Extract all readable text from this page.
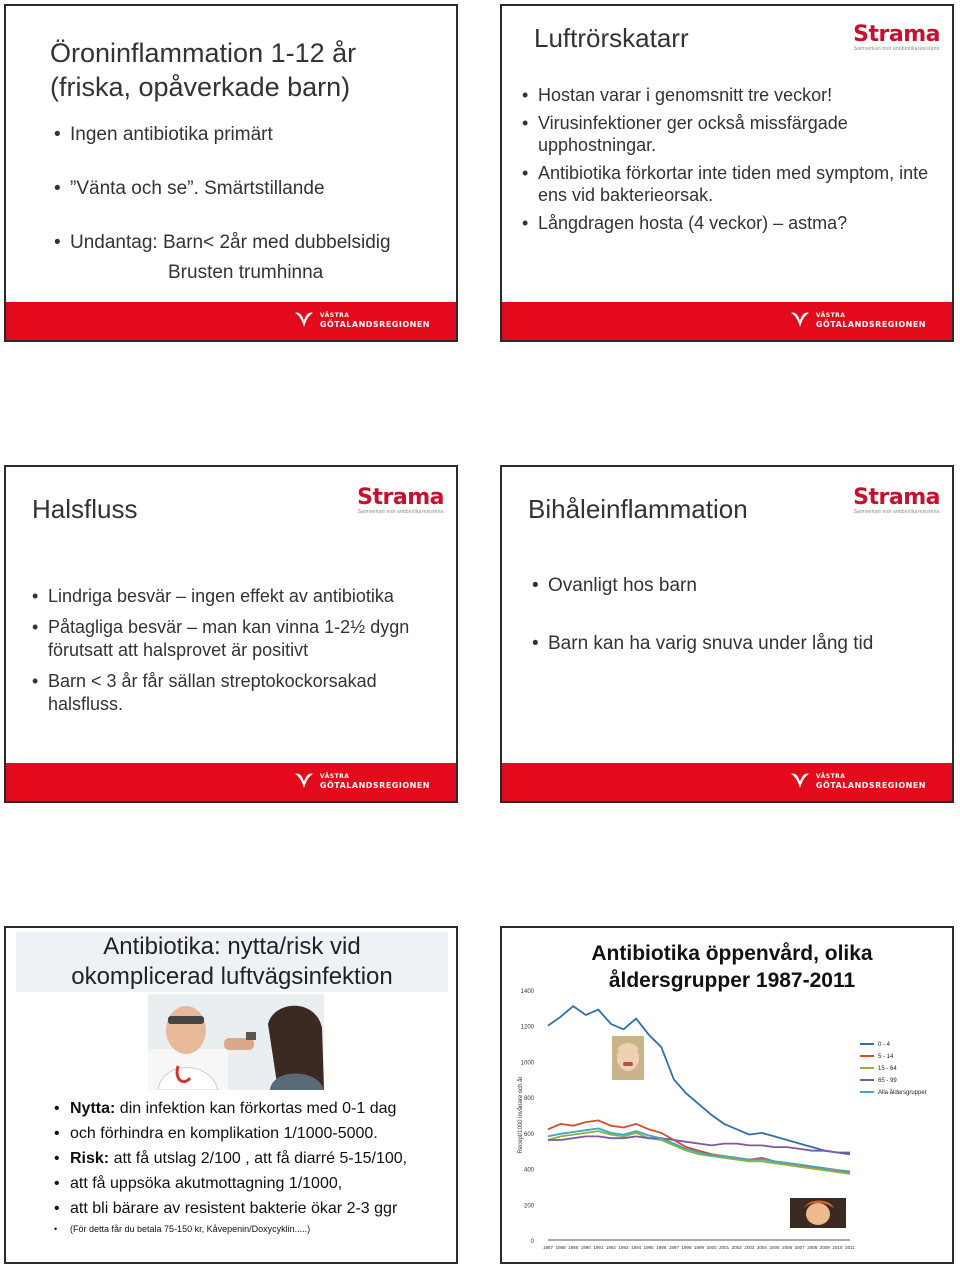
Öroninflammation 1-12 år
(friska, opåverkade barn)
• Ingen antibiotika primärt
• ”Vänta och se”. Smärtstillande
• Undantag: Barn< 2år med dubbelsidig
Brusten trumhinna
VÄSTRA
GÖTALANDSREGIONEN
Luftrörskatarr	Strama
Samverkan mot antibiotikaresistens
• Hostan varar i genomsnitt tre veckor!
• Virusinfektioner ger också missfärgade upphostningar.
• Antibiotika förkortar inte tiden med symptom, inte ens vid bakterieorsak.
• Långdragen hosta (4 veckor) – astma?
VÄSTRA
GÖTALANDSREGIONEN
Halsfluss	Strama
Samverkan mot antibiotikaresistens
• Lindriga besvär – ingen effekt av antibiotika
• Påtagliga besvär – man kan vinna 1-2½ dygn förutsatt att halsprovet är positivt
• Barn < 3 år får sällan streptokockorsakad halsfluss.
VÄSTRA
GÖTALANDSREGIONEN
Bihåleinflammation	Strama
Samverkan mot antibiotikaresistens
• Ovanligt hos barn
• Barn kan ha varig snuva under lång tid
VÄSTRA
GÖTALANDSREGIONEN
Antibiotika: nytta/risk vid
okomplicerad luftvägsinfektion
• Nytta: din infektion kan förkortas med 0-1 dag
• och förhindra en komplikation 1/1000-5000.
• Risk: att få utslag 2/100 , att få diarré 5-15/100,
• att få uppsöka akutmottagning 1/1000,
• att bli bärare av resistent bakterie ökar 2-3 ggr
• (För detta får du betala 75-150 kr, Kåvepenin/Doxycyklin.....)
Antibiotika öppenvård, olika
åldersgrupper 1987-2011
0
200
400
600
800
1000
1200
1400
Recept/1000 invånare och år
1987 1988 1989 1990 1991 1992 1993 1994 1995 1996 1997 1998 1999 2000 2001 2002 2003 2004 2005 2006 2007 2008 2009 2010 2011
0 - 4
5 - 14
15 - 64
65 - 99
Alla åldersgrupper
